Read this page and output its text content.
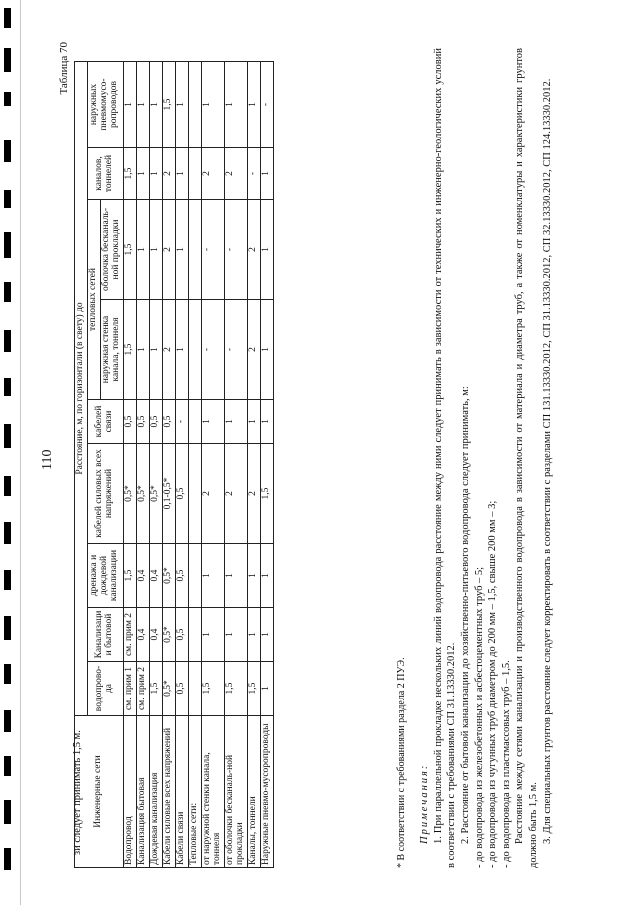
зи следует принимать 1,5 м.
110
Таблица 70
Инженерные сети	Расстояние, м, по горизонтали (в свету) до								
	водопрово-да	Канализаци и бытовой	дренажа и дождевой канализации	кабелей силовых всех напряжений	кабелей связи	тепловых сетей		каналов, тоннелей	наружных пневмомусо-ропроводов
						наружная стенка канала, тоннеля	оболочка бесканаль-ной прокладки		
Водопровод	см. прим 1	см. прим 2	1,5	0,5*	0,5	1,5	1,5	1,5	1
Канализация бытовая	см. прим 2	0,4	0,4	0,5*	0,5	1	1	1	1
Дождевая канализация	1,5	0,4	0,4	0,5*	0,5	1	1	1	1
Кабели силовые всех напряжений	0,5*	0,5*	0,5*	0,1-0,5*	0,5	2	2	2	1,5
Кабели связи	0,5	0,5	0,5	0,5	-	1	1	1	1
Тепловые сети:									
от наружной стенки канала, тоннеля	1,5	1	1	2	1	-	-	2	1
от оболочки бесканаль-ной прокладки	1,5	1	1	2	1	-	-	2	1
Каналы, тоннели	1,5	1	1	2	1	2	2	-	1
Наружные пневмо-мусоропроводы	1	1	1	1,5	1	1	1	1	-
* В соответствии с требованиями раздела 2 ПУЭ. Примечания: 1. При параллельной прокладке нескольких линий водопровода расстояние между ними следует принимать в зависимости от технических и инженерно-геологических условий в соответствии с требованиями СП 31.13330.2012. 2. Расстояние от бытовой канализации до хозяйственно-питьевого водопровода следует принимать, м: - до водопровода из железобетонных и асбестоцементных труб – 5; - до водопровода из чугунных труб диаметром до 200 мм – 1,5, свыше 200 мм – 3; - до водопровода из пластмассовых труб – 1,5. Расстояние между сетями канализации и производственного водопровода в зависимости от материала и диаметра труб, а также от номенклатуры и характеристики грунтов должно быть 1,5 м. 3. Для специальных грунтов расстояние следует корректировать в соответствии с разделами СП 131.13330.2012, СП 31.13330.2012, СП 32.13330.2012, СП 124.13330.2012.
